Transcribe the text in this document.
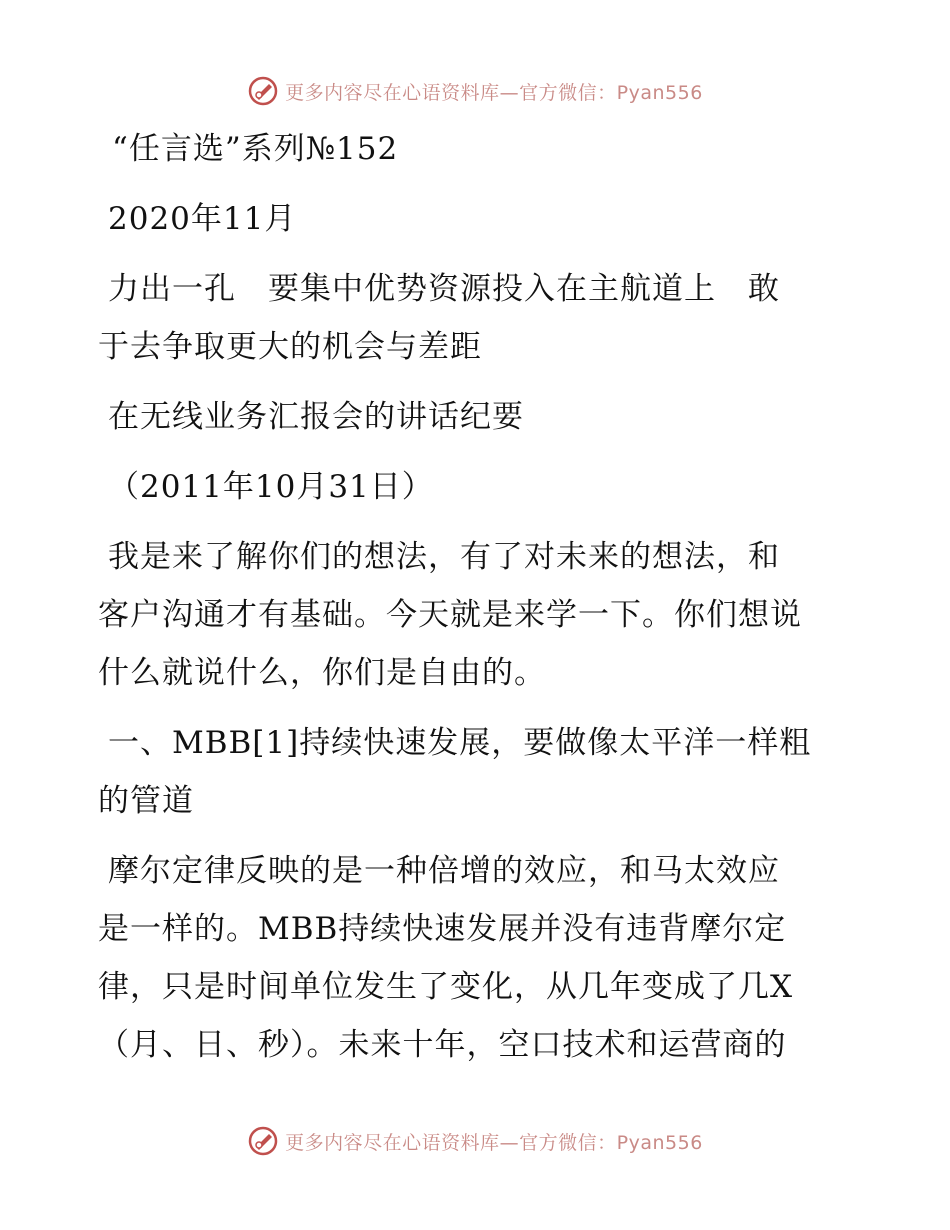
更多内容尽在心语资料库—官方微信：Pyan556
“任言选”系列№152
2020年11月
力出一孔　要集中优势资源投入在主航道上　敢
于去争取更大的机会与差距
在无线业务汇报会的讲话纪要
（2011年10月31日）
我是来了解你们的想法，有了对未来的想法，和
客户沟通才有基础。今天就是来学一下。你们想说
什么就说什么，你们是自由的。
一、MBB[1]持续快速发展，要做像太平洋一样粗
的管道
摩尔定律反映的是一种倍增的效应，和马太效应
是一样的。MBB持续快速发展并没有违背摩尔定
律，只是时间单位发生了变化，从几年变成了几X
（月、日、秒）。未来十年，空口技术和运营商的
更多内容尽在心语资料库—官方微信：Pyan556
